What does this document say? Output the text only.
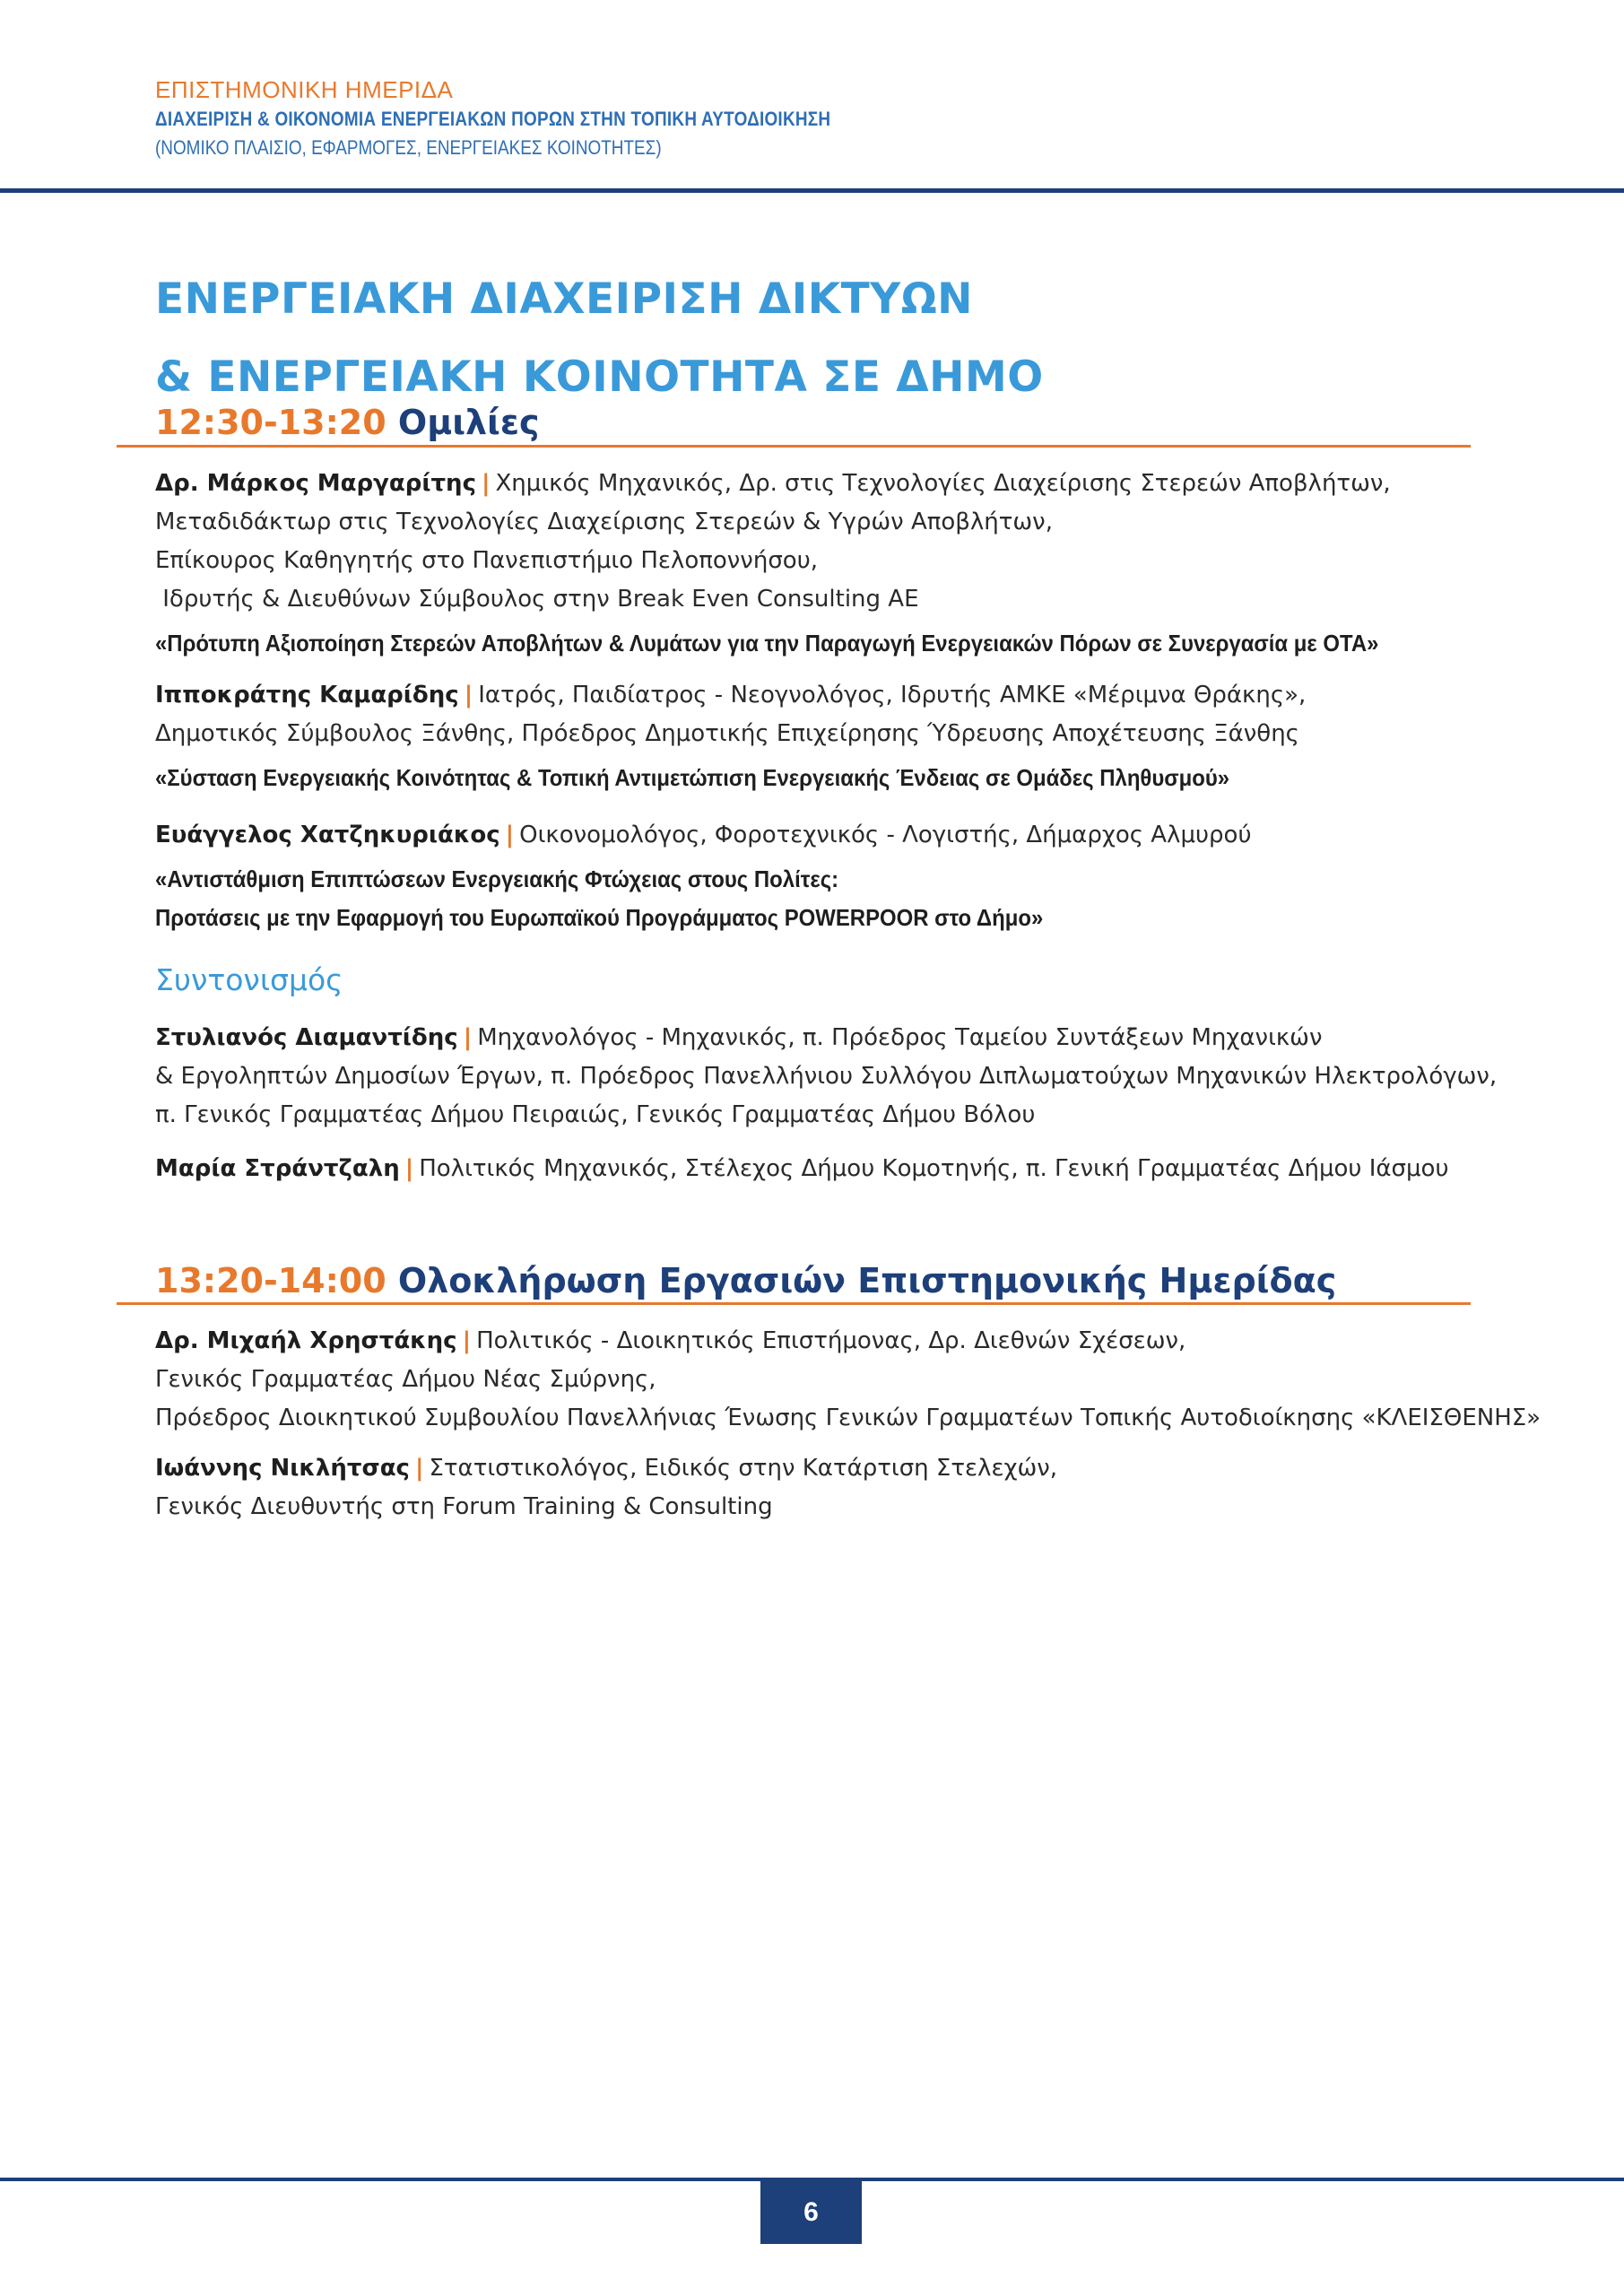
ΕΠΙΣΤΗΜΟΝΙΚΗ ΗΜΕΡΙΔΑ
ΔΙΑΧΕΙΡΙΣΗ & ΟΙΚΟΝΟΜΙΑ ΕΝΕΡΓΕΙΑΚΩΝ ΠΟΡΩΝ ΣΤΗΝ ΤΟΠΙΚΗ ΑΥΤΟΔΙΟΙΚΗΣΗ
(ΝΟΜΙΚΟ ΠΛΑΙΣΙΟ, ΕΦΑΡΜΟΓΕΣ, ΕΝΕΡΓΕΙΑΚΕΣ ΚΟΙΝΟΤΗΤΕΣ)
ΕΝΕΡΓΕΙΑΚΗ ΔΙΑΧΕΙΡΙΣΗ ΔΙΚΤΥΩΝ
& ΕΝΕΡΓΕΙΑΚΗ ΚΟΙΝΟΤΗΤΑ ΣΕ ΔΗΜΟ
12:30-13:20 Ομιλίες
Δρ. Μάρκος Μαργαρίτης | Χημικός Μηχανικός, Δρ. στις Τεχνολογίες Διαχείρισης Στερεών Αποβλήτων,
Μεταδιδάκτωρ στις Τεχνολογίες Διαχείρισης Στερεών & Υγρών Αποβλήτων,
Επίκουρος Καθηγητής στο Πανεπιστήμιο Πελοποννήσου,
Ιδρυτής & Διευθύνων Σύμβουλος στην Break Even Consulting ΑΕ
«Πρότυπη Αξιοποίηση Στερεών Αποβλήτων & Λυμάτων για την Παραγωγή Ενεργειακών Πόρων σε Συνεργασία με ΟΤΑ»
Ιπποκράτης Καμαρίδης | Ιατρός, Παιδίατρος - Νεογνολόγος, Ιδρυτής ΑΜΚΕ «Μέριμνα Θράκης»,
Δημοτικός Σύμβουλος Ξάνθης, Πρόεδρος Δημοτικής Επιχείρησης Ύδρευσης Αποχέτευσης Ξάνθης
«Σύσταση Ενεργειακής Κοινότητας & Τοπική Αντιμετώπιση Ενεργειακής Ένδειας σε Ομάδες Πληθυσμού»
Ευάγγελος Χατζηκυριάκος | Οικονομολόγος, Φοροτεχνικός - Λογιστής, Δήμαρχος Αλμυρού
«Αντιστάθμιση Επιπτώσεων Ενεργειακής Φτώχειας στους Πολίτες:
Προτάσεις με την Εφαρμογή του Ευρωπαϊκού Προγράμματος POWERPOOR στο Δήμο»
Συντονισμός
Στυλιανός Διαμαντίδης | Μηχανολόγος - Μηχανικός, π. Πρόεδρος Ταμείου Συντάξεων Μηχανικών
& Εργοληπτών Δημοσίων Έργων, π. Πρόεδρος Πανελλήνιου Συλλόγου Διπλωματούχων Μηχανικών Ηλεκτρολόγων,
π. Γενικός Γραμματέας Δήμου Πειραιώς, Γενικός Γραμματέας Δήμου Βόλου
Μαρία Στράντζαλη | Πολιτικός Μηχανικός, Στέλεχος Δήμου Κομοτηνής, π. Γενική Γραμματέας Δήμου Ιάσμου
13:20-14:00 Ολοκλήρωση Εργασιών Επιστημονικής Ημερίδας
Δρ. Μιχαήλ Χρηστάκης | Πολιτικός - Διοικητικός Επιστήμονας, Δρ. Διεθνών Σχέσεων,
Γενικός Γραμματέας Δήμου Νέας Σμύρνης,
Πρόεδρος Διοικητικού Συμβουλίου Πανελλήνιας Ένωσης Γενικών Γραμματέων Τοπικής Αυτοδιοίκησης «ΚΛΕΙΣΘΕΝΗΣ»
Ιωάννης Νικλήτσας | Στατιστικολόγος, Ειδικός στην Κατάρτιση Στελεχών,
Γενικός Διευθυντής στη Forum Training & Consulting
6
